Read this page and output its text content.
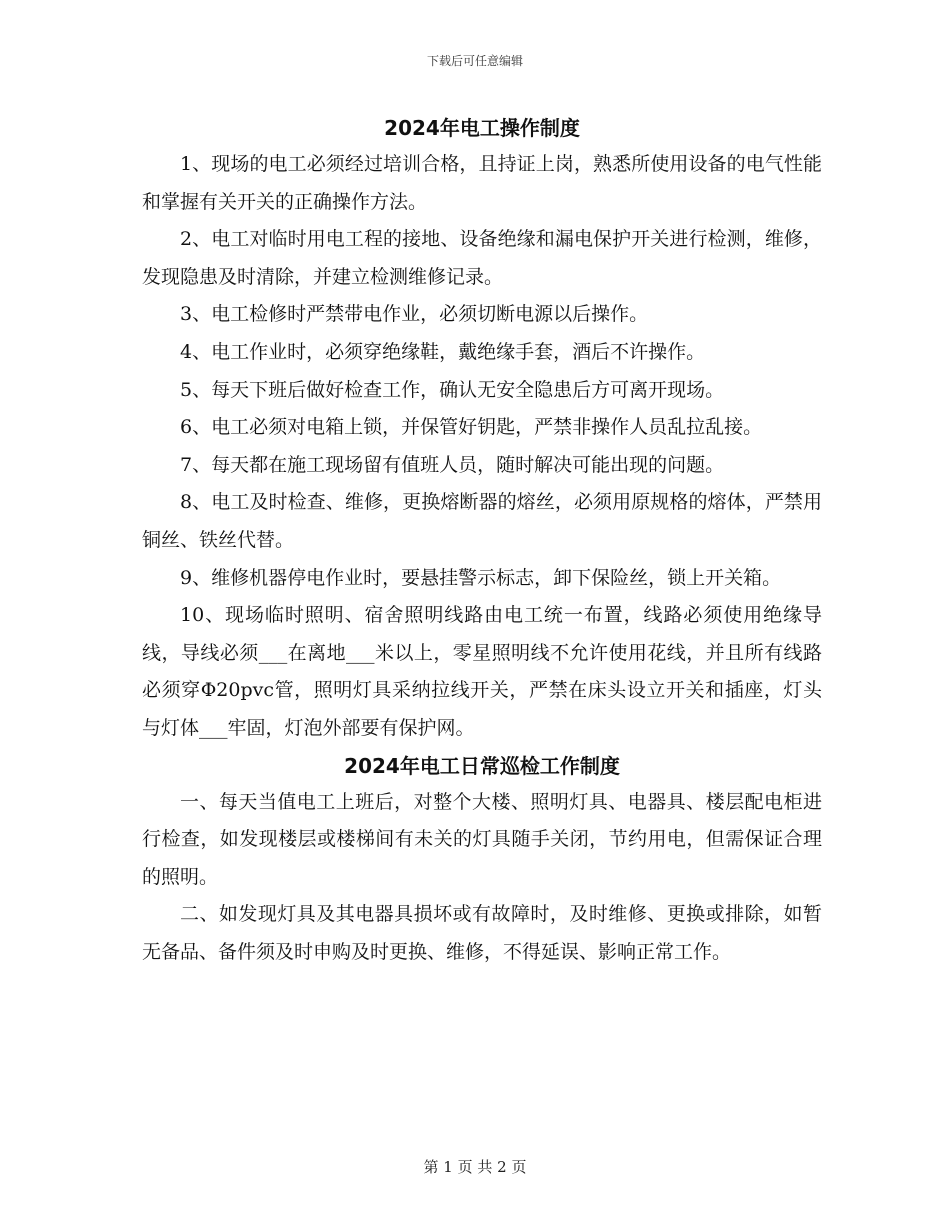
下载后可任意编辑
2024年电工操作制度

1、现场的电工必须经过培训合格，且持证上岗，熟悉所使用设备的电气性能和掌握有关开关的正确操作方法。

2、电工对临时用电工程的接地、设备绝缘和漏电保护开关进行检测，维修，发现隐患及时清除，并建立检测维修记录。

3、电工检修时严禁带电作业，必须切断电源以后操作。

4、电工作业时，必须穿绝缘鞋，戴绝缘手套，酒后不许操作。

5、每天下班后做好检查工作，确认无安全隐患后方可离开现场。

6、电工必须对电箱上锁，并保管好钥匙，严禁非操作人员乱拉乱接。

7、每天都在施工现场留有值班人员，随时解决可能出现的问题。

8、电工及时检查、维修，更换熔断器的熔丝，必须用原规格的熔体，严禁用铜丝、铁丝代替。

9、维修机器停电作业时，要悬挂警示标志，卸下保险丝，锁上开关箱。

10、现场临时照明、宿舍照明线路由电工统一布置，线路必须使用绝缘导线，导线必须___在离地___米以上，零星照明线不允许使用花线，并且所有线路必须穿Φ20pvc管，照明灯具采纳拉线开关，严禁在床头设立开关和插座，灯头与灯体___牢固，灯泡外部要有保护网。

2024年电工日常巡检工作制度

一、每天当值电工上班后，对整个大楼、照明灯具、电器具、楼层配电柜进行检查，如发现楼层或楼梯间有未关的灯具随手关闭，节约用电，但需保证合理的照明。

二、如发现灯具及其电器具损坏或有故障时，及时维修、更换或排除，如暂无备品、备件须及时申购及时更换、维修，不得延误、影响正常工作。

第 1 页 共 2 页
